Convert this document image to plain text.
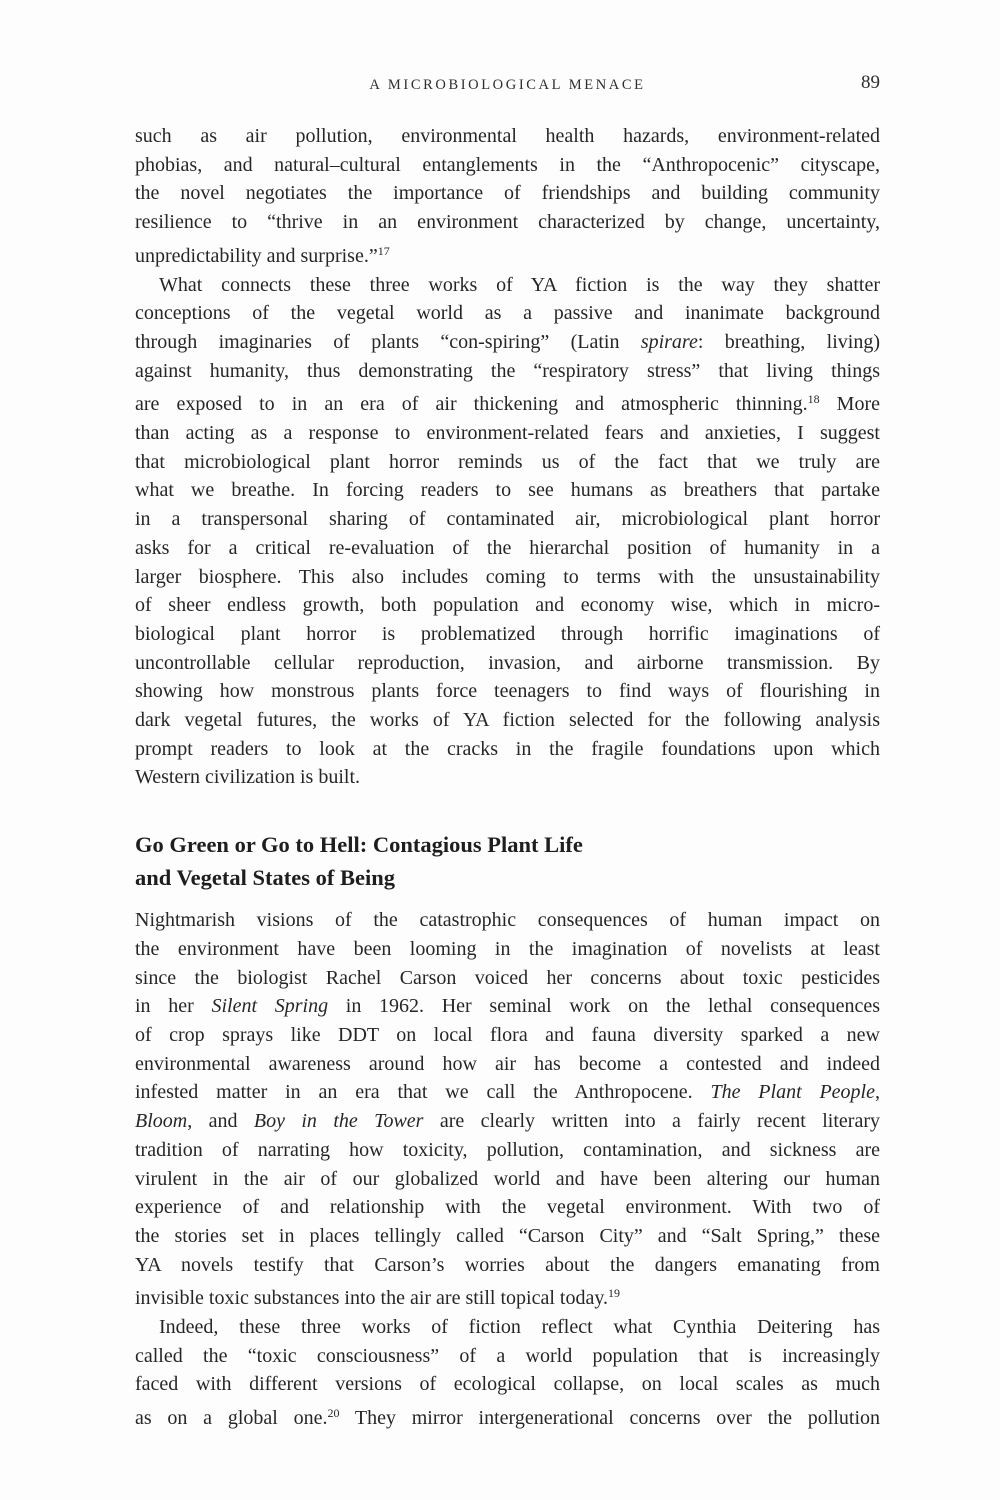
A MICROBIOLOGICAL MENACE	89
such as air pollution, environmental health hazards, environment-related
phobias, and natural–cultural entanglements in the “Anthropocenic” cityscape,
the novel negotiates the importance of friendships and building community
resilience to “thrive in an environment characterized by change, uncertainty,
unpredictability and surprise.”$^{17}$
What connects these three works of YA fiction is the way they shatter
conceptions of the vegetal world as a passive and inanimate background
through imaginaries of plants “con-spiring” (Latin spirare: breathing, living)
against humanity, thus demonstrating the “respiratory stress” that living things
are exposed to in an era of air thickening and atmospheric thinning.$^{18}$ More
than acting as a response to environment-related fears and anxieties, I suggest
that microbiological plant horror reminds us of the fact that we truly are
what we breathe. In forcing readers to see humans as breathers that partake
in a transpersonal sharing of contaminated air, microbiological plant horror
asks for a critical re-evaluation of the hierarchal position of humanity in a
larger biosphere. This also includes coming to terms with the unsustainability
of sheer endless growth, both population and economy wise, which in micro-
biological plant horror is problematized through horrific imaginations of
uncontrollable cellular reproduction, invasion, and airborne transmission. By
showing how monstrous plants force teenagers to find ways of flourishing in
dark vegetal futures, the works of YA fiction selected for the following analysis
prompt readers to look at the cracks in the fragile foundations upon which
Western civilization is built.
Go Green or Go to Hell: Contagious Plant Life
and Vegetal States of Being
Nightmarish visions of the catastrophic consequences of human impact on
the environment have been looming in the imagination of novelists at least
since the biologist Rachel Carson voiced her concerns about toxic pesticides
in her Silent Spring in 1962. Her seminal work on the lethal consequences
of crop sprays like DDT on local flora and fauna diversity sparked a new
environmental awareness around how air has become a contested and indeed
infested matter in an era that we call the Anthropocene. The Plant People,
Bloom, and Boy in the Tower are clearly written into a fairly recent literary
tradition of narrating how toxicity, pollution, contamination, and sickness are
virulent in the air of our globalized world and have been altering our human
experience of and relationship with the vegetal environment. With two of
the stories set in places tellingly called “Carson City” and “Salt Spring,” these
YA novels testify that Carson’s worries about the dangers emanating from
invisible toxic substances into the air are still topical today.$^{19}$
Indeed, these three works of fiction reflect what Cynthia Deitering has
called the “toxic consciousness” of a world population that is increasingly
faced with different versions of ecological collapse, on local scales as much
as on a global one.$^{20}$ They mirror intergenerational concerns over the pollution
